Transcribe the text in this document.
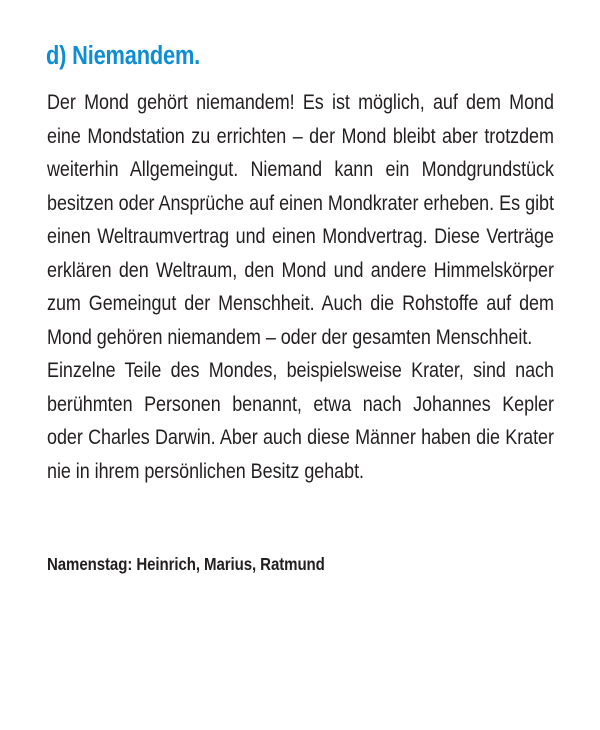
d) Niemandem.

Der Mond gehört niemandem! Es ist möglich, auf dem Mond eine Mondstation zu errichten – der Mond bleibt aber trotzdem weiterhin Allgemeingut. Niemand kann ein Mondgrundstück besitzen oder Ansprüche auf einen Mondkrater erheben. Es gibt einen Weltraumvertrag und einen Mondvertrag. Diese Verträge erklären den Weltraum, den Mond und andere Himmelskörper zum Gemeingut der Menschheit. Auch die Rohstoffe auf dem Mond gehören niemandem – oder der gesamten Menschheit.

Einzelne Teile des Mondes, beispielsweise Krater, sind nach berühmten Personen benannt, etwa nach Johannes Kepler oder Charles Darwin. Aber auch diese Männer haben die Krater nie in ihrem persönlichen Besitz gehabt.

Namenstag: Heinrich, Marius, Ratmund
